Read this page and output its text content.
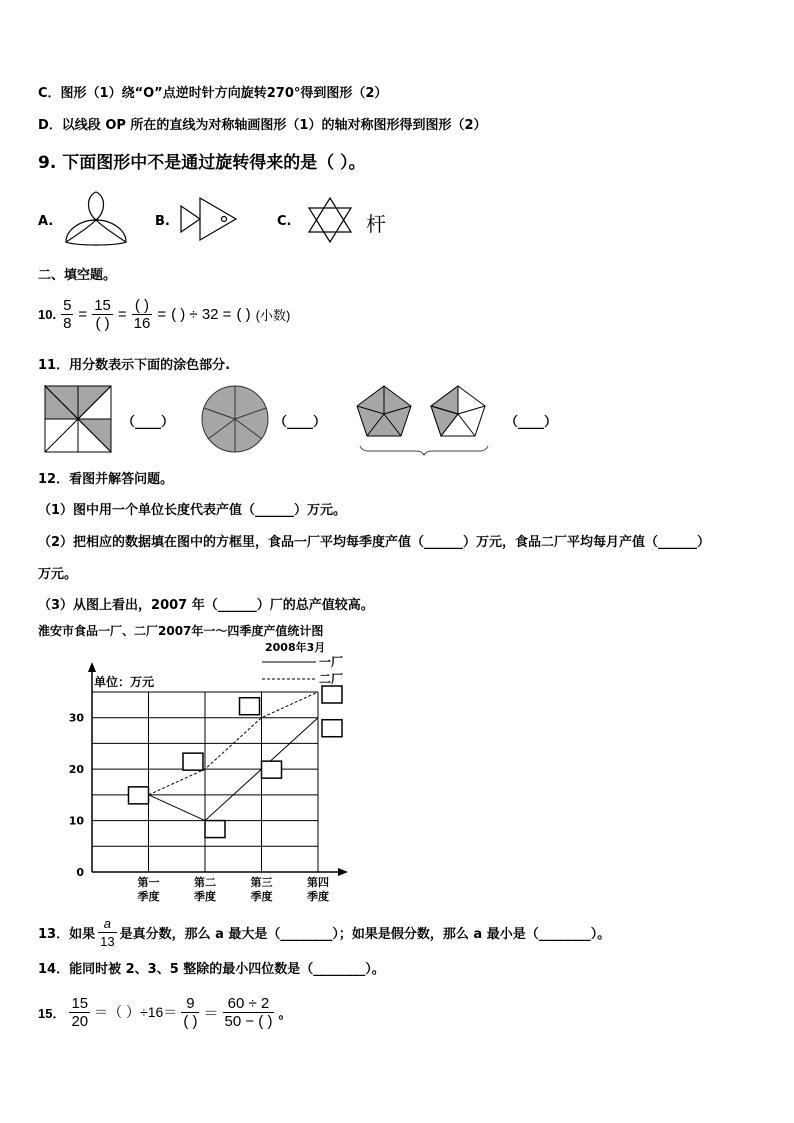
C．图形（1）绕“O”点逆时针方向旋转270°得到图形（2）
D．以线段 OP 所在的直线为对称轴画图形（1）的轴对称图形得到图形（2）
9. 下面图形中不是通过旋转得来的是（ ）。
A.	B.	C.	杆
二、填空题。
10. $\frac{5}{8} = \frac{15}{( )} = \frac{( )}{16}$ = ( ) ÷ 32 = ( ) (小数)
11．用分数表示下面的涂色部分.
（____）	（____）	（____）
12．看图并解答问题。
（1）图中用一个单位长度代表产值（______）万元。
（2）把相应的数据填在图中的方框里，食品一厂平均每季度产值（______）万元，食品二厂平均每月产值（______）
万元。
（3）从图上看出，2007 年（______）厂的总产值较高。
淮安市食品一厂、二厂2007年一～四季度产值统计图
2008年3月
单位：万元
0
10
20
30
第一
季度
第二
季度
第三
季度
第四
季度
一厂
二厂
13．如果 $\frac{a}{13}$ 是真分数，那么 a 最大是（________）；如果是假分数，那么 a 最小是（________）。
14．能同时被 2、3、5 整除的最小四位数是（________）。
15． $\frac{15}{20}$ ＝（ ）$\div 16= \frac{9}{( )} = \frac{60 \div 2}{50 - ( )}$ 。
